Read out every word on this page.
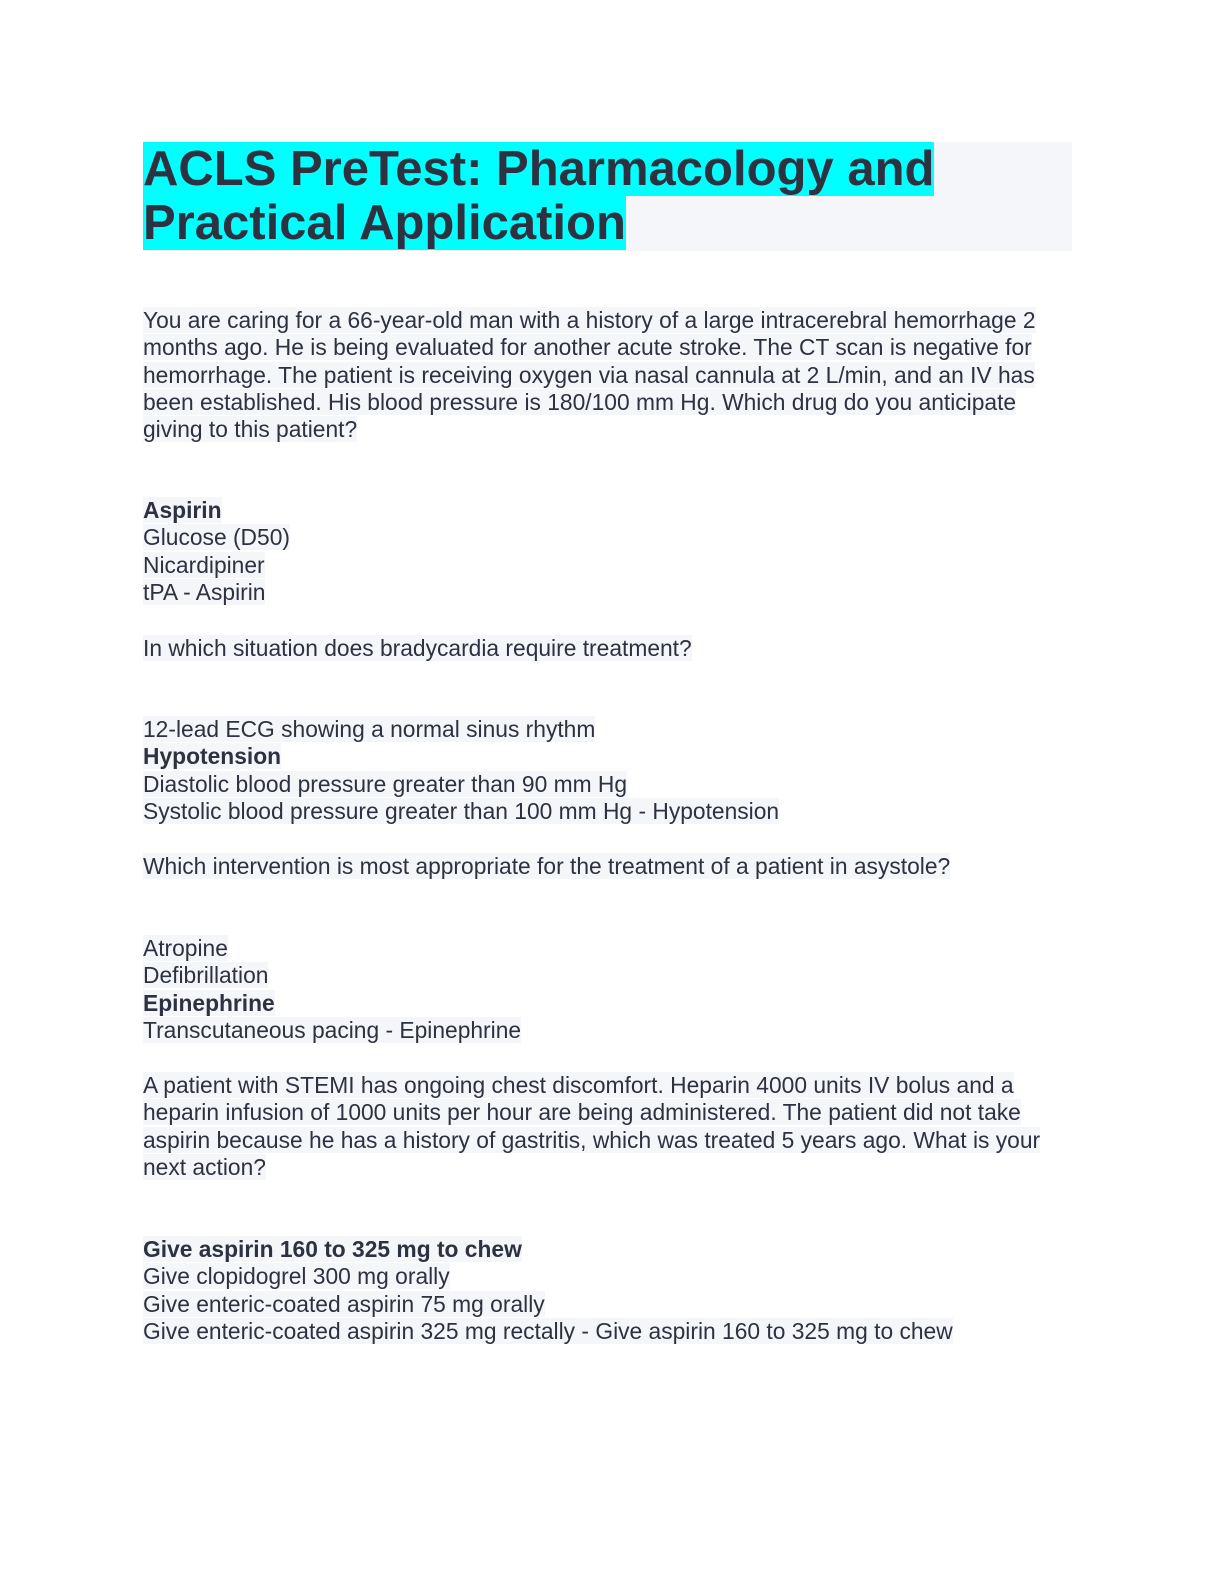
ACLS PreTest: Pharmacology and Practical Application
You are caring for a 66-year-old man with a history of a large intracerebral hemorrhage 2 months ago. He is being evaluated for another acute stroke. The CT scan is negative for hemorrhage. The patient is receiving oxygen via nasal cannula at 2 L/min, and an IV has been established. His blood pressure is 180/100 mm Hg. Which drug do you anticipate giving to this patient?
Aspirin
Glucose (D50)
Nicardipiner
tPA - Aspirin
In which situation does bradycardia require treatment?
12-lead ECG showing a normal sinus rhythm
Hypotension
Diastolic blood pressure greater than 90 mm Hg
Systolic blood pressure greater than 100 mm Hg - Hypotension
Which intervention is most appropriate for the treatment of a patient in asystole?
Atropine
Defibrillation
Epinephrine
Transcutaneous pacing - Epinephrine
A patient with STEMI has ongoing chest discomfort. Heparin 4000 units IV bolus and a heparin infusion of 1000 units per hour are being administered. The patient did not take aspirin because he has a history of gastritis, which was treated 5 years ago. What is your next action?
Give aspirin 160 to 325 mg to chew
Give clopidogrel 300 mg orally
Give enteric-coated aspirin 75 mg orally
Give enteric-coated aspirin 325 mg rectally - Give aspirin 160 to 325 mg to chew
